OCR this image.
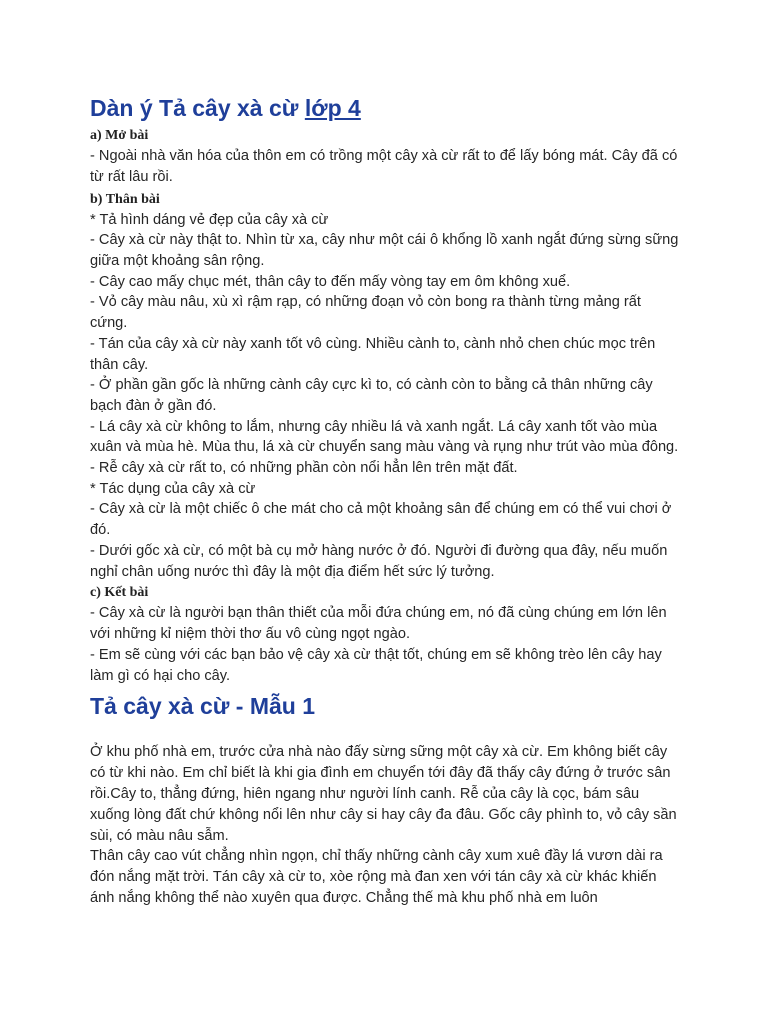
Dàn ý Tả cây xà cừ lớp 4
a) Mở bài
- Ngoài nhà văn hóa của thôn em có trồng một cây xà cừ rất to để lấy bóng mát. Cây đã có từ rất lâu rồi.
b) Thân bài
* Tả hình dáng vẻ đẹp của cây xà cừ
- Cây xà cừ này thật to. Nhìn từ xa, cây như một cái ô khổng lồ xanh ngắt đứng sừng sững giữa một khoảng sân rộng.
- Cây cao mấy chục mét, thân cây to đến mấy vòng tay em ôm không xuể.
- Vỏ cây màu nâu, xù xì rậm rạp, có những đoạn vỏ còn bong ra thành từng mảng rất cứng.
- Tán của cây xà cừ này xanh tốt vô cùng. Nhiều cành to, cành nhỏ chen chúc mọc trên thân cây.
- Ở phần gần gốc là những cành cây cực kì to, có cành còn to bằng cả thân những cây bạch đàn ở gần đó.
- Lá cây xà cừ không to lắm, nhưng cây nhiều lá và xanh ngắt. Lá cây xanh tốt vào mùa xuân và mùa hè. Mùa thu, lá xà cừ chuyển sang màu vàng và rụng như trút vào mùa đông.
- Rễ cây xà cừ rất to, có những phần còn nổi hẳn lên trên mặt đất.
* Tác dụng của cây xà cừ
- Cây xà cừ là một chiếc ô che mát cho cả một khoảng sân để chúng em có thể vui chơi ở đó.
- Dưới gốc xà cừ, có một bà cụ mở hàng nước ở đó. Người đi đường qua đây, nếu muốn nghỉ chân uống nước thì đây là một địa điểm hết sức lý tưởng.
c) Kết bài
- Cây xà cừ là người bạn thân thiết của mỗi đứa chúng em, nó đã cùng chúng em lớn lên với những kỉ niệm thời thơ ấu vô cùng ngọt ngào.
- Em sẽ cùng với các bạn bảo vệ cây xà cừ thật tốt, chúng em sẽ không trèo lên cây hay làm gì có hại cho cây.
Tả cây xà cừ - Mẫu 1
Ở khu phố nhà em, trước cửa nhà nào đấy sừng sững một cây xà cừ. Em không biết cây có từ khi nào. Em chỉ biết là khi gia đình em chuyển tới đây đã thấy cây đứng ở trước sân rồi.Cây to, thẳng đứng, hiên ngang như người lính canh. Rễ của cây là cọc, bám sâu xuống lòng đất chứ không nổi lên như cây si hay cây đa đâu. Gốc cây phình to, vỏ cây sần sùi, có màu nâu sẫm.
Thân cây cao vút chẳng nhìn ngọn, chỉ thấy những cành cây xum xuê đầy lá vươn dài ra đón nắng mặt trời. Tán cây xà cừ to, xòe rộng mà đan xen với tán cây xà cừ khác khiến ánh nắng không thể nào xuyên qua được. Chẳng thế mà khu phố nhà em luôn
